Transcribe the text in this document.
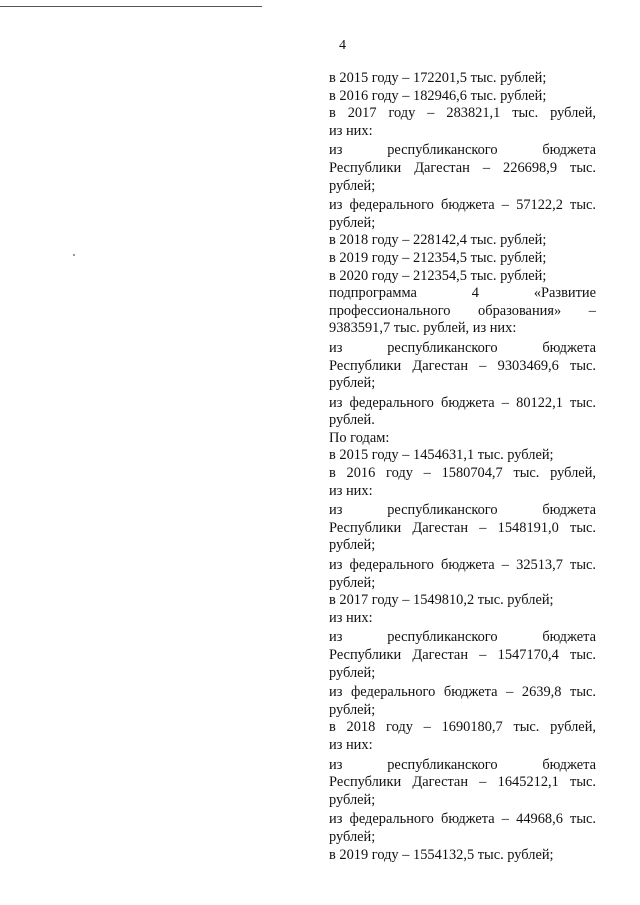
4
в 2015 году – 172201,5 тыс. рублей;
в 2016 году – 182946,6 тыс. рублей;
в 2017 году – 283821,1 тыс. рублей,
из них:
из республиканского бюджета
Республики Дагестан – 226698,9 тыс.
рублей;
из федерального бюджета – 57122,2 тыс.
рублей;
в 2018 году – 228142,4 тыс. рублей;
в 2019 году – 212354,5 тыс. рублей;
в 2020 году – 212354,5 тыс. рублей;
подпрограмма 4 «Развитие
профессионального образования» –
9383591,7 тыс. рублей, из них:
из республиканского бюджета
Республики Дагестан – 9303469,6 тыс.
рублей;
из федерального бюджета – 80122,1 тыс.
рублей.
По годам:
в 2015 году – 1454631,1 тыс. рублей;
в 2016 году – 1580704,7 тыс. рублей,
из них:
из республиканского бюджета
Республики Дагестан – 1548191,0 тыс.
рублей;
из федерального бюджета – 32513,7 тыс.
рублей;
в 2017 году – 1549810,2 тыс. рублей;
из них:
из республиканского бюджета
Республики Дагестан – 1547170,4 тыс.
рублей;
из федерального бюджета – 2639,8 тыс.
рублей;
в 2018 году – 1690180,7 тыс. рублей,
из них:
из республиканского бюджета
Республики Дагестан – 1645212,1 тыс.
рублей;
из федерального бюджета – 44968,6 тыс.
рублей;
в 2019 году – 1554132,5 тыс. рублей;
